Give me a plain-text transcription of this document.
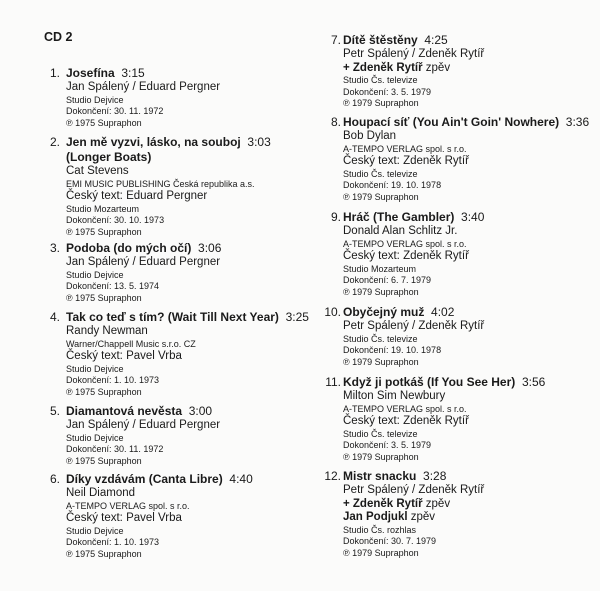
CD 2
1. Josefína 3:15
Jan Spálený / Eduard Pergner
Studio Dejvice
Dokončení: 30. 11. 1972
℗ 1975 Supraphon
2. Jen mě vyzvi, lásko, na souboj 3:03
(Longer Boats)
Cat Stevens
EMI MUSIC PUBLISHING Česká republika a.s.
Český text: Eduard Pergner
Studio Mozarteum
Dokončení: 30. 10. 1973
℗ 1975 Supraphon
3. Podoba (do mých očí) 3:06
Jan Spálený / Eduard Pergner
Studio Dejvice
Dokončení: 13. 5. 1974
℗ 1975 Supraphon
4. Tak co teď s tím? (Wait Till Next Year) 3:25
Randy Newman
Warner/Chappell Music s.r.o. CZ
Český text: Pavel Vrba
Studio Dejvice
Dokončení: 1. 10. 1973
℗ 1975 Supraphon
5. Diamantová nevěsta 3:00
Jan Spálený / Eduard Pergner
Studio Dejvice
Dokončení: 30. 11. 1972
℗ 1975 Supraphon
6. Díky vzdávám (Canta Libre) 4:40
Neil Diamond
A-TEMPO VERLAG spol. s r.o.
Český text: Pavel Vrba
Studio Dejvice
Dokončení: 1. 10. 1973
℗ 1975 Supraphon
7. Dítě štěstěny 4:25
Petr Spálený / Zdeněk Rytíř
+ Zdeněk Rytíř zpěv
Studio Čs. televize
Dokončení: 3. 5. 1979
℗ 1979 Supraphon
8. Houpací síť (You Ain't Goin' Nowhere) 3:36
Bob Dylan
A-TEMPO VERLAG spol. s r.o.
Český text: Zdeněk Rytíř
Studio Čs. televize
Dokončení: 19. 10. 1978
℗ 1979 Supraphon
9. Hráč (The Gambler) 3:40
Donald Alan Schlitz Jr.
A-TEMPO VERLAG spol. s r.o.
Český text: Zdeněk Rytíř
Studio Mozarteum
Dokončení: 6. 7. 1979
℗ 1979 Supraphon
10. Obyčejný muž 4:02
Petr Spálený / Zdeněk Rytíř
Studio Čs. televize
Dokončení: 19. 10. 1978
℗ 1979 Supraphon
11. Když ji potkáš (If You See Her) 3:56
Milton Sim Newbury
A-TEMPO VERLAG spol. s r.o.
Český text: Zdeněk Rytíř
Studio Čs. televize
Dokončení: 3. 5. 1979
℗ 1979 Supraphon
12. Mistr snacku 3:28
Petr Spálený / Zdeněk Rytíř
+ Zdeněk Rytíř zpěv
Jan Podjukl zpěv
Studio Čs. rozhlas
Dokončení: 30. 7. 1979
℗ 1979 Supraphon
